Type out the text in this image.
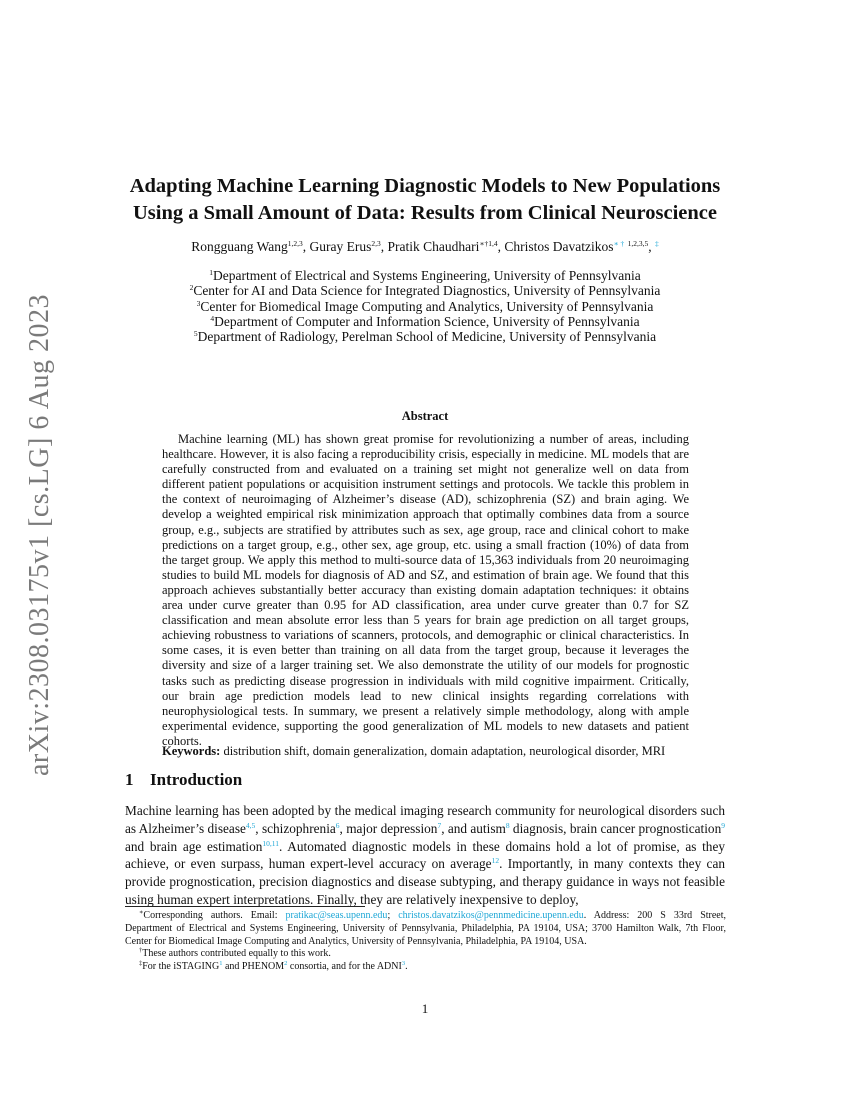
arXiv:2308.03175v1 [cs.LG] 6 Aug 2023
Adapting Machine Learning Diagnostic Models to New Populations
Using a Small Amount of Data: Results from Clinical Neuroscience
Rongguang Wang$^{1,2,3}$, Guray Erus$^{2,3}$, Pratik Chaudhari$^{∗\dagger 1,4}$, Christos Davatzikos∗ † $^{1,2,3,5}$, ‡
$^1$Department of Electrical and Systems Engineering, University of Pennsylvania
$^2$Center for AI and Data Science for Integrated Diagnostics, University of Pennsylvania
$^3$Center for Biomedical Image Computing and Analytics, University of Pennsylvania
$^4$Department of Computer and Information Science, University of Pennsylvania
$^5$Department of Radiology, Perelman School of Medicine, University of Pennsylvania
Abstract

Machine learning (ML) has shown great promise for revolutionizing a number of areas, including healthcare. However, it is also facing a reproducibility crisis, especially in medicine. ML models that are carefully constructed from and evaluated on a training set might not generalize well on data from different patient populations or acquisition instrument settings and protocols. We tackle this problem in the context of neuroimaging of Alzheimer’s disease (AD), schizophrenia (SZ) and brain aging. We develop a weighted empirical risk minimization approach that optimally combines data from a source group, e.g., subjects are stratified by attributes such as sex, age group, race and clinical cohort to make predictions on a target group, e.g., other sex, age group, etc. using a small fraction (10%) of data from the target group. We apply this method to multi-source data of 15,363 individuals from 20 neuroimaging studies to build ML models for diagnosis of AD and SZ, and estimation of brain age. We found that this approach achieves substantially better accuracy than existing domain adaptation techniques: it obtains area under curve greater than 0.95 for AD classification, area under curve greater than 0.7 for SZ classification and mean absolute error less than 5 years for brain age prediction on all target groups, achieving robustness to variations of scanners, protocols, and demographic or clinical characteristics. In some cases, it is even better than training on all data from the target group, because it leverages the diversity and size of a larger training set. We also demonstrate the utility of our models for prognostic tasks such as predicting disease progression in individuals with mild cognitive impairment. Critically, our brain age prediction models lead to new clinical insights regarding correlations with neurophysiological tests. In summary, we present a relatively simple methodology, along with ample experimental evidence, supporting the good generalization of ML models to new datasets and patient cohorts.

Keywords: distribution shift, domain generalization, domain adaptation, neurological disorder, MRI
1 Introduction

Machine learning has been adopted by the medical imaging research community for neurological disorders such as Alzheimer’s disease$^{4,5}$, schizophrenia$^6$, major depression$^7$, and autism$^8$ diagnosis, brain cancer prognostication$^9$ and brain age estimation$^{10,11}$. Automated diagnostic models in these domains hold a lot of promise, as they achieve, or even surpass, human expert-level accuracy on average$^{12}$. Importantly, in many contexts they can provide prognostication, precision diagnostics and disease subtyping, and therapy guidance in ways not feasible using human expert interpretations. Finally, they are relatively inexpensive to deploy,

∗Corresponding authors. Email: pratikac@seas.upenn.edu; christos.davatzikos@pennmedicine.upenn.edu. Address: 200 S 33rd Street, Department of Electrical and Systems Engineering, University of Pennsylvania, Philadelphia, PA 19104, USA; 3700 Hamilton Walk, 7th Floor, Center for Biomedical Image Computing and Analytics, University of Pennsylvania, Philadelphia, PA 19104, USA.

†These authors contributed equally to this work.

‡For the iSTAGING$^1$ and PHENOM$^2$ consortia, and for the ADNI$^3$.

1
